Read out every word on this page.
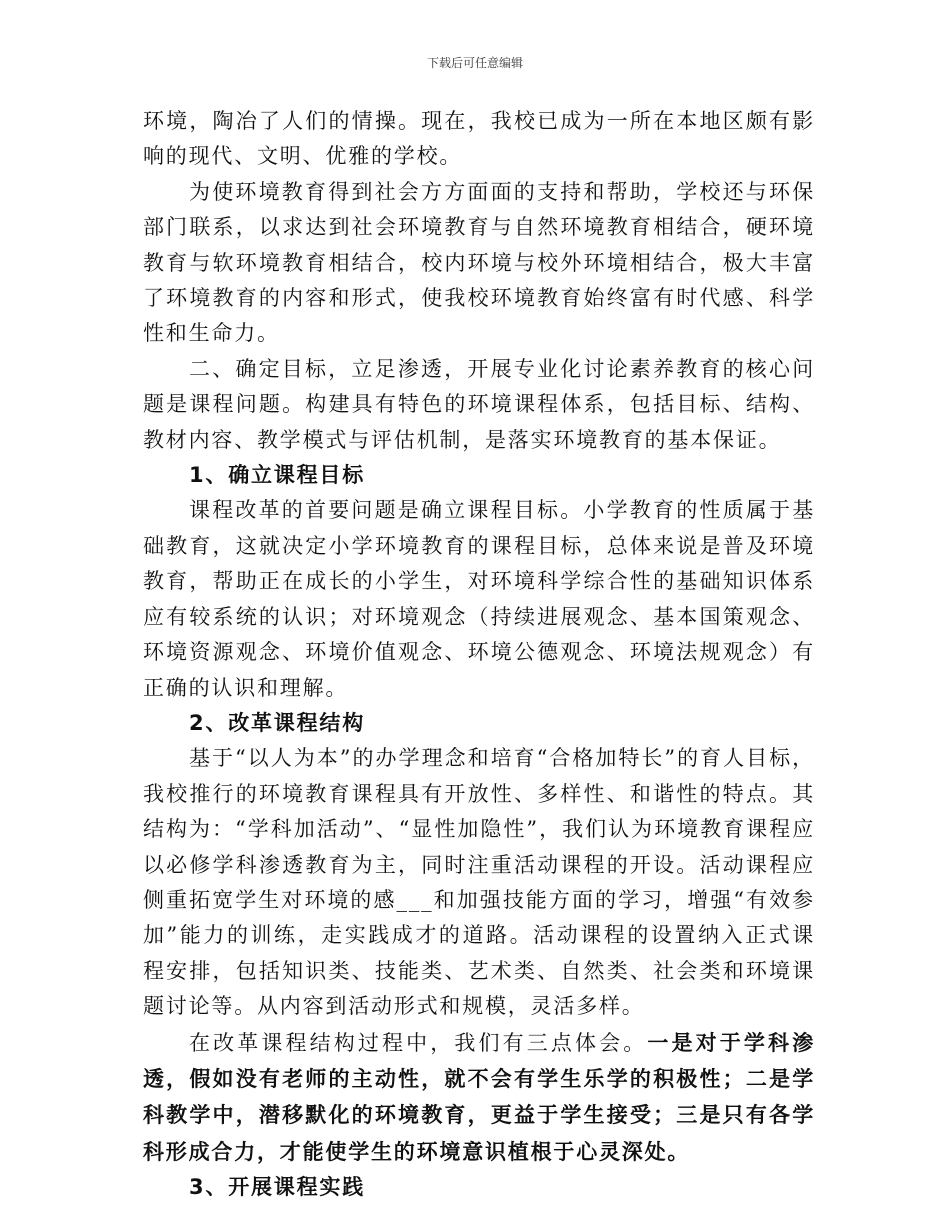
下载后可任意编辑

环境，陶冶了人们的情操。现在，我校已成为一所在本地区颇有影响的现代、文明、优雅的学校。

为使环境教育得到社会方方面面的支持和帮助，学校还与环保部门联系，以求达到社会环境教育与自然环境教育相结合，硬环境教育与软环境教育相结合，校内环境与校外环境相结合，极大丰富了环境教育的内容和形式，使我校环境教育始终富有时代感、科学性和生命力。

二、确定目标，立足渗透，开展专业化讨论素养教育的核心问题是课程问题。构建具有特色的环境课程体系，包括目标、结构、教材内容、教学模式与评估机制，是落实环境教育的基本保证。

1、确立课程目标

课程改革的首要问题是确立课程目标。小学教育的性质属于基础教育，这就决定小学环境教育的课程目标，总体来说是普及环境教育，帮助正在成长的小学生，对环境科学综合性的基础知识体系应有较系统的认识；对环境观念（持续进展观念、基本国策观念、环境资源观念、环境价值观念、环境公德观念、环境法规观念）有正确的认识和理解。

2、改革课程结构

基于“以人为本”的办学理念和培育“合格加特长”的育人目标，我校推行的环境教育课程具有开放性、多样性、和谐性的特点。其结构为：“学科加活动”、“显性加隐性”，我们认为环境教育课程应以必修学科渗透教育为主，同时注重活动课程的开设。活动课程应侧重拓宽学生对环境的感___和加强技能方面的学习，增强“有效参加”能力的训练，走实践成才的道路。活动课程的设置纳入正式课程安排，包括知识类、技能类、艺术类、自然类、社会类和环境课题讨论等。从内容到活动形式和规模，灵活多样。

在改革课程结构过程中，我们有三点体会。一是对于学科渗透，假如没有老师的主动性，就不会有学生乐学的积极性；二是学科教学中，潜移默化的环境教育，更益于学生接受；三是只有各学科形成合力，才能使学生的环境意识植根于心灵深处。

3、开展课程实践
